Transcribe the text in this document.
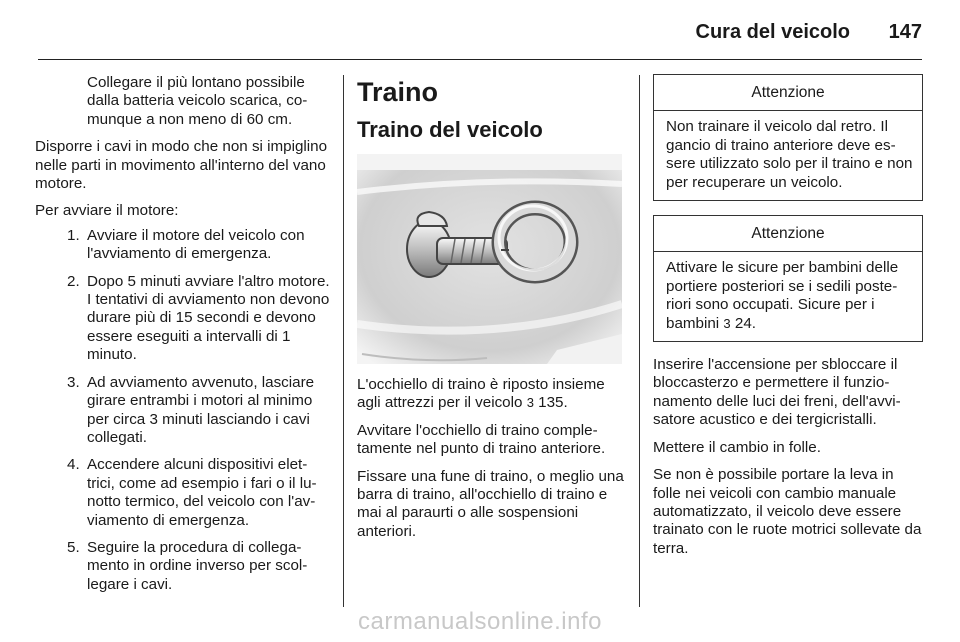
Cura del veicolo	147

Collegare il più lontano possibile dalla batteria veicolo scarica, comunque a non meno di 60 cm.

Disporre i cavi in modo che non si impiglino nelle parti in movimento all'interno del vano motore.

Per avviare il motore:

1. Avviare il motore del veicolo con l'avviamento di emergenza.
2. Dopo 5 minuti avviare l'altro motore. I tentativi di avviamento non devono durare più di 15 secondi e devono essere eseguiti a intervalli di 1 minuto.
3. Ad avviamento avvenuto, lasciare girare entrambi i motori al minimo per circa 3 minuti lasciando i cavi collegati.
4. Accendere alcuni dispositivi elettrici, come ad esempio i fari o il lunotto termico, del veicolo con l'avviamento di emergenza.
5. Seguire la procedura di collegamento in ordine inverso per scollegare i cavi.
Traino
Traino del veicolo

L'occhiello di traino è riposto insieme agli attrezzi per il veicolo 3 135.

Avvitare l'occhiello di traino completamente nel punto di traino anteriore.

Fissare una fune di traino, o meglio una barra di traino, all'occhiello di traino e mai al paraurti o alle sospensioni anteriori.

Attenzione
Non trainare il veicolo dal retro. Il gancio di traino anteriore deve essere utilizzato solo per il traino e non per recuperare un veicolo.
Attenzione
Attivare le sicure per bambini delle portiere posteriori se i sedili posteriori sono occupati. Sicure per i bambini 3 24.

Inserire l'accensione per sbloccare il bloccasterzo e permettere il funzionamento delle luci dei freni, dell'avvisatore acustico e dei tergicristalli.

Mettere il cambio in folle.

Se non è possibile portare la leva in folle nei veicoli con cambio manuale automatizzato, il veicolo deve essere trainato con le ruote motrici sollevate da terra.

carmanualsonline.info
